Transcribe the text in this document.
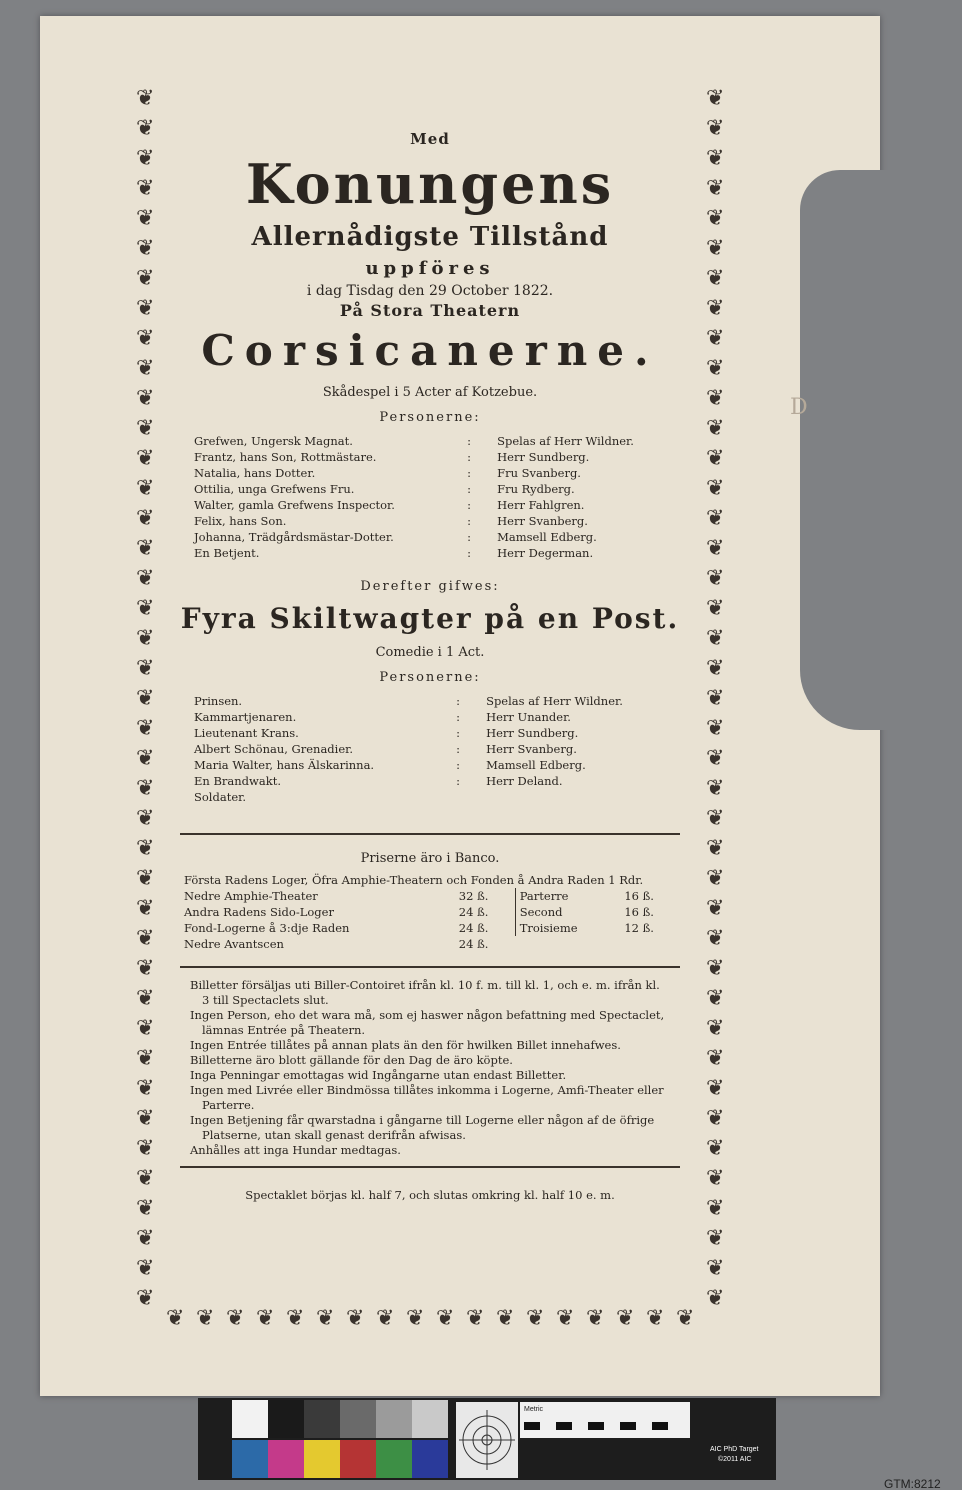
❦	❦
❦	❦
❦	❦
❦	❦
❦	❦
❦	❦
❦	❦
❦	❦
❦	❦
❦	❦
❦	❦
❦	❦
❦	❦
❦	❦
❦	❦
❦	❦
❦	❦
❦	❦
❦	❦
❦	❦
❦	❦
❦	❦
❦	❦
❦	❦
❦	❦
❦	❦
❦	❦
❦	❦
❦	❦
❦	❦
❦	❦
❦	❦
❦	❦
❦	❦
❦	❦
❦	❦
❦	❦
❦	❦
❦	❦
❦	❦
❦	❦
❦ ❦ ❦ ❦ ❦ ❦ ❦ ❦ ❦ ❦ ❦ ❦ ❦ ❦ ❦ ❦ ❦ ❦
D
Med
Konungens
Allernådigste Tillstånd
uppföres
i dag Tisdag den 29 October 1822.
På Stora Theatern
Corsicanerne.
Skådespel i 5 Acter af Kotzebue.
Personerne:
Grefwen, Ungersk Magnat.	:	Spelas af Herr Wildner.
Frantz, hans Son, Rottmästare.	:	Herr Sundberg.
Natalia, hans Dotter.	:	Fru Svanberg.
Ottilia, unga Grefwens Fru.	:	Fru Rydberg.
Walter, gamla Grefwens Inspector.	:	Herr Fahlgren.
Felix, hans Son.	:	Herr Svanberg.
Johanna, Trädgårdsmästar-Dotter.	:	Mamsell Edberg.
En Betjent.	:	Herr Degerman.
Derefter gifwes:
Fyra Skiltwagter på en Post.
Comedie i 1 Act.
Personerne:
Prinsen.	:	Spelas af Herr Wildner.
Kammartjenaren.	:	Herr Unander.
Lieutenant Krans.	:	Herr Sundberg.
Albert Schönau, Grenadier.	:	Herr Svanberg.
Maria Walter, hans Älskarinna.	:	Mamsell Edberg.
En Brandwakt.	:	Herr Deland.
Soldater.		
Priserne äro i Banco.
Första Radens Loger, Öfra Amphie-Theatern och Fonden å Andra Raden 1 Rdr.			
Nedre Amphie-Theater	32 ß.	Parterre	16 ß.
Andra Radens Sido-Loger	24 ß.	Second	16 ß.
Fond-Logerne å 3:dje Raden	24 ß.	Troisieme	12 ß.
Nedre Avantscen	24 ß.		
Billetter försäljas uti Biller-Contoiret ifrån kl. 10 f. m. till kl. 1, och e. m. ifrån kl. 3 till Spectaclets slut.
Ingen Person, eho det wara må, som ej haswer någon befattning med Spectaclet, lämnas Entrée på Theatern.
Ingen Entrée tillåtes på annan plats än den för hwilken Billet innehafwes.
Billetterne äro blott gällande för den Dag de äro köpte.
Inga Penningar emottagas wid Ingångarne utan endast Billetter.
Ingen med Livrée eller Bindmössa tillåtes inkomma i Logerne, Amfi-Theater eller Parterre.
Ingen Betjening får qwarstadna i gångarne till Logerne eller någon af de öfrige Platserne, utan skall genast derifrån afwisas.
Anhålles att inga Hundar medtagas.
Spectaklet börjas kl. half 7, och slutas omkring kl. half 10 e. m.
Metric
AIC PhD Target
©2011 AIC
GTM:8212
